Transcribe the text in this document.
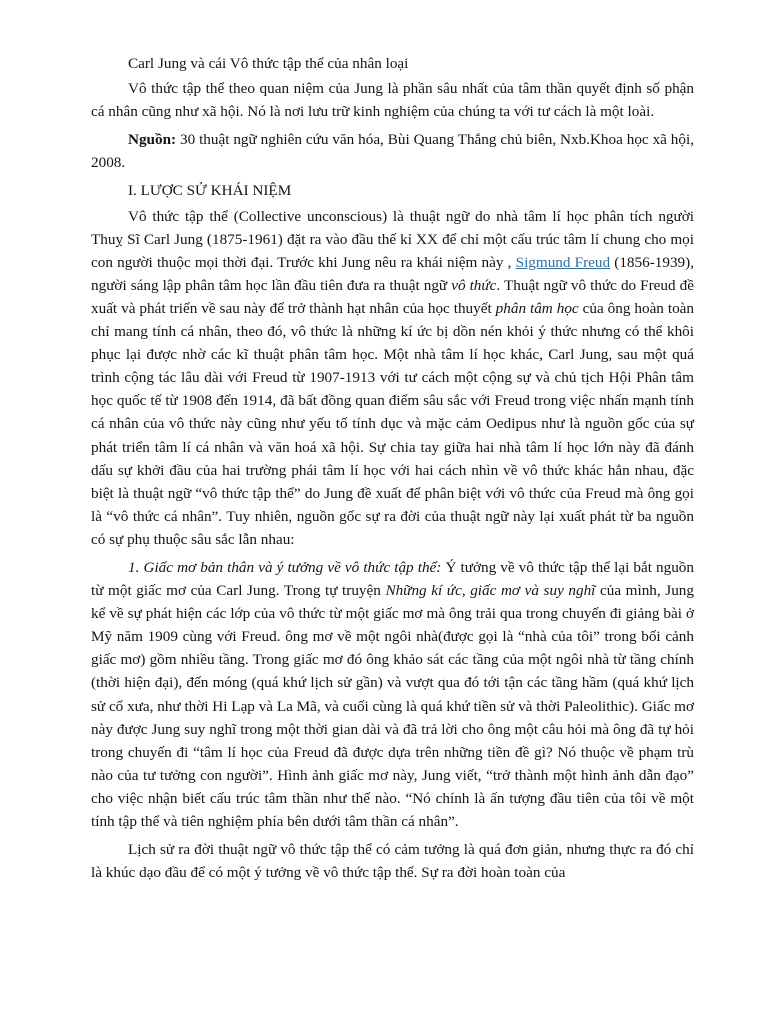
Carl Jung và cái Vô thức tập thể của nhân loại

Vô thức tập thể theo quan niệm của Jung là phần sâu nhất của tâm thần quyết định số phận cá nhân cũng như xã hội. Nó là nơi lưu trữ kinh nghiệm của chúng ta với tư cách là một loài.

Nguồn: 30 thuật ngữ nghiên cứu văn hóa, Bùi Quang Thắng chủ biên, Nxb.Khoa học xã hội, 2008.

I. LƯỢC SỬ KHÁI NIỆM

Vô thức tập thể (Collective unconscious) là thuật ngữ do nhà tâm lí học phân tích người Thuỵ Sĩ Carl Jung (1875-1961) đặt ra vào đầu thế kỉ XX để chỉ một cấu trúc tâm lí chung cho mọi con người thuộc mọi thời đại. Trước khi Jung nêu ra khái niệm này , Sigmund Freud (1856-1939), người sáng lập phân tâm học lần đầu tiên đưa ra thuật ngữ vô thức. Thuật ngữ vô thức do Freud đề xuất và phát triển về sau này để trở thành hạt nhân của học thuyết phân tâm học của ông hoàn toàn chỉ mang tính cá nhân, theo đó, vô thức là những kí ức bị dồn nén khỏi ý thức nhưng có thể khôi phục lại được nhờ các kĩ thuật phân tâm học. Một nhà tâm lí học khác, Carl Jung, sau một quá trình cộng tác lâu dài với Freud từ 1907-1913 với tư cách một cộng sự và chủ tịch Hội Phân tâm học quốc tế từ 1908 đến 1914, đã bất đồng quan điểm sâu sắc với Freud trong việc nhấn mạnh tính cá nhân của vô thức này cũng như yếu tố tính dục và mặc cảm Oedipus như là nguồn gốc của sự phát triển tâm lí cá nhân và văn hoá xã hội. Sự chia tay giữa hai nhà tâm lí học lớn này đã đánh dấu sự khởi đầu của hai trường phái tâm lí học với hai cách nhìn về vô thức khác hẳn nhau, đặc biệt là thuật ngữ “vô thức tập thể” do Jung đề xuất để phân biệt với vô thức của Freud mà ông gọi là “vô thức cá nhân”. Tuy nhiên, nguồn gốc sự ra đời của thuật ngữ này lại xuất phát từ ba nguồn có sự phụ thuộc sâu sắc lẫn nhau:

1. Giấc mơ bản thân và ý tưởng về vô thức tập thể: Ý tưởng về vô thức tập thể lại bắt nguồn từ một giấc mơ của Carl Jung. Trong tự truyện Những kí ức, giấc mơ và suy nghĩ của mình, Jung kể về sự phát hiện các lớp của vô thức từ một giấc mơ mà ông trải qua trong chuyến đi giảng bài ở Mỹ năm 1909 cùng với Freud. ông mơ về một ngôi nhà(được gọi là “nhà của tôi” trong bối cảnh giấc mơ) gồm nhiều tầng. Trong giấc mơ đó ông khảo sát các tầng của một ngôi nhà từ tầng chính (thời hiện đại), đến móng (quá khứ lịch sử gần) và vượt qua đó tới tận các tầng hầm (quá khứ lịch sử cổ xưa, như thời Hi Lạp và La Mã, và cuối cùng là quá khứ tiền sử và thời Paleolithic). Giấc mơ này được Jung suy nghĩ trong một thời gian dài và đã trả lời cho ông một câu hỏi mà ông đã tự hỏi trong chuyến đi “tâm lí học của Freud đã được dựa trên những tiền đề gì? Nó thuộc về phạm trù nào của tư tưởng con người”. Hình ảnh giấc mơ này, Jung viết, “trở thành một hình ảnh dẫn đạo” cho việc nhận biết cấu trúc tâm thần như thế nào. “Nó chính là ấn tượng đầu tiên của tôi về một tính tập thể và tiên nghiệm phía bên dưới tâm thần cá nhân”.

Lịch sử ra đời thuật ngữ vô thức tập thể có cảm tưởng là quá đơn giản, nhưng thực ra đó chỉ là khúc dạo đầu để có một ý tưởng về vô thức tập thể. Sự ra đời hoàn toàn của
